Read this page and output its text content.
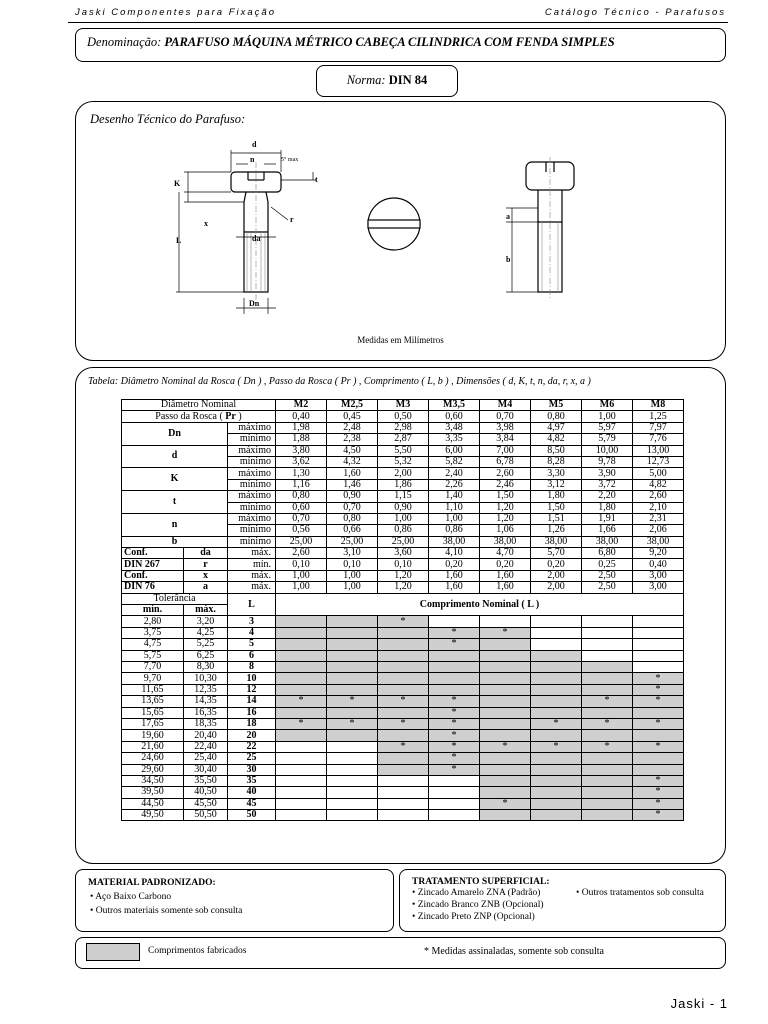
Jaski Componentes para Fixação	Catálogo Técnico - Parafusos
Denominação: PARAFUSO MÁQUINA MÉTRICO CABEÇA CILINDRICA COM FENDA SIMPLES
Norma: DIN 84
Desenho Técnico do Parafuso:
d
n	5° max
t
K
x	r
da
L
Dn
a
b
Medidas em Milímetros
Tabela: Diâmetro Nominal da Rosca ( Dn ) , Passo da Rosca ( Pr ) , Comprimento ( L, b ) , Dimensões ( d, K, t, n, da, r, x, a )
Diâmetro Nominal			M2	M2,5	M3	M3,5	M4	M5	M6	M8
Passo da Rosca ( Pr )			0,40	0,45	0,50	0,60	0,70	0,80	1,00	1,25
Dn		máximo	1,98	2,48	2,98	3,48	3,98	4,97	5,97	7,97
		mínimo	1,88	2,38	2,87	3,35	3,84	4,82	5,79	7,76
d		máximo	3,80	4,50	5,50	6,00	7,00	8,50	10,00	13,00
		mínimo	3,62	4,32	5,32	5,82	6,78	8,28	9,78	12,73
K		máximo	1,30	1,60	2,00	2,40	2,60	3,30	3,90	5,00
		mínimo	1,16	1,46	1,86	2,26	2,46	3,12	3,72	4,82
t		máximo	0,80	0,90	1,15	1,40	1,50	1,80	2,20	2,60
		mínimo	0,60	0,70	0,90	1,10	1,20	1,50	1,80	2,10
n		máximo	0,70	0,80	1,00	1,00	1,20	1,51	1,91	2,31
		mínimo	0,56	0,66	0,86	0,86	1,06	1,26	1,66	2,06
b		mínimo	25,00	25,00	25,00	38,00	38,00	38,00	38,00	38,00
Conf.	da	máx.	2,60	3,10	3,60	4,10	4,70	5,70	6,80	9,20
DIN 267	r	mín.	0,10	0,10	0,10	0,20	0,20	0,20	0,25	0,40
Conf.	x	máx.	1,00	1,00	1,20	1,60	1,60	2,00	2,50	3,00
DIN 76	a	máx.	1,00	1,00	1,20	1,60	1,60	2,00	2,50	3,00
Tolerância		L	Comprimento Nominal ( L )							
mín.	máx.									
2,80	3,20	3			*					
3,75	4,25	4				*	*			
4,75	5,25	5				*				
5,75	6,25	6								
7,70	8,30	8								
9,70	10,30	10								*
11,65	12,35	12								*
13,65	14,35	14	*	*	*	*			*	*
15,65	16,35	16				*				
17,65	18,35	18	*	*	*	*		*	*	*
19,60	20,40	20				*				
21,60	22,40	22			*	*	*	*	*	*
24,60	25,40	25				*				
29,60	30,40	30				*				
34,50	35,50	35								*
39,50	40,50	40								*
44,50	45,50	45					*			*
49,50	50,50	50								*
MATERIAL PADRONIZADO:
• Aço Baixo Carbono
• Outros materiais somente sob consulta
TRATAMENTO SUPERFICIAL:
• Zincado Amarelo ZNA (Padrão)
• Zincado Branco ZNB (Opcional)
• Zincado Preto ZNP (Opcional)
• Outros tratamentos sob consulta
Comprimentos fabricados	* Medidas assinaladas, somente sob consulta
Jaski - 1
